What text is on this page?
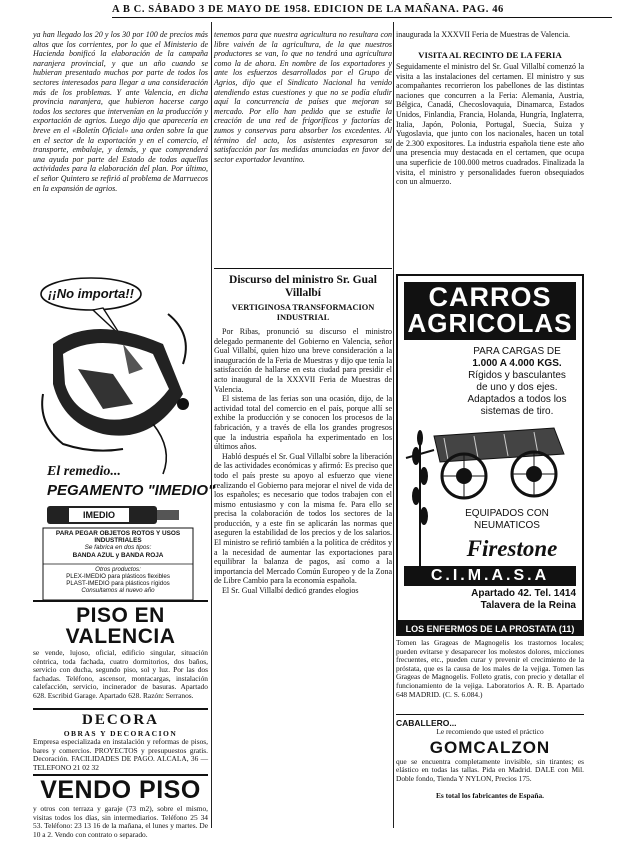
A B C. SÁBADO 3 DE MAYO DE 1958. EDICION DE LA MAÑANA. PAG. 46
ya han llegado los 20 y los 30 por 100 de precios más altos que los corrientes, por lo que el Ministerio de Hacienda bonificó la elaboración de la campaña naranjera provincial, y que un año cuando se hubieran presentado muchos por parte de todos los sectores interesados para llegar a una consideración más de los problemas. Y ante Valencia, en dicha provincia naranjera, que hubieron hacerse cargo todos los sectores que intervenían en la producción y exportación de agrios. Luego dijo que aparecería en breve en el «Boletín Oficial» una orden sobre la que en el sector de la exportación y en el comercio, el transporte, embalaje, y demás, y que comprenderá una ayuda por parte del Estado de todas aquellas actividades para la elaboración del plan. Por último, el señor Quintero se refirió al problema de Marruecos en la expansión de agrios.
¡¡No importa!!
El remedio...
PEGAMENTO "IMEDIO"
IMEDIO
PARA PEGAR OBJETOS ROTOS Y USOS INDUSTRIALES
Se fabrica en dos tipos:
BANDA AZUL y BANDA ROJA
Otros productos:
PLEX-IMEDIO para plásticos flexibles
PLAST-IMEDIO para plásticos rígidos
Consultamos al nuevo año
PISO EN VALENCIA
se vende, lujoso, oficial, edificio singular, situación céntrica, toda fachada, cuatro dormitorios, dos baños, servicio con ducha, segundo piso, sol y luz. Por las dos fachadas. Teléfono, ascensor, montacargas, instalación calefacción, servicio, incinerador de basuras. Apartado 628. Escribid Garage. Apartado 628. Razón: Serranos.
DECORA
OBRAS Y DECORACION
Empresa especializada en instalación y reformas de pisos, bares y comercios. PROYECTOS y presupuestos gratis. Decoración. FACILIDADES DE PAGO. ALCALA, 36 — TELEFONO 21 02 32
VENDO PISO
y otros con terraza y garaje (73 m2), sobre el mismo, visitas todos los días, sin intermediarios. Teléfono 25 34 53. Teléfono: 23 13 16 de la mañana, el lunes y martes. De 10 a 2. Vendo con contrato o separado.
tenemos para que nuestra agricultura no resultara con libre vaivén de la agricultura, de la que nuestros productores se van, lo que no tendrá una agricultura como la de ahora. En nombre de los exportadores y ante los esfuerzos desarrollados por el Grupo de Agrios, dijo que el Sindicato Nacional ha venido atendiendo estas cuestiones y que no se podía eludir aquí la concurrencia de países que mejoran su mercado. Por ello han pedido que se estudie la creación de una red de frigoríficos y factorías de zumos y conservas para absorber los excedentes. Al término del acto, los asistentes expresaron su satisfacción por las medidas anunciadas en favor del sector exportador levantino.
Discurso del ministro Sr. Gual Villalbí
VERTIGINOSA TRANSFORMACION INDUSTRIAL

Por Ribas, pronunció su discurso el ministro delegado permanente del Gobierno en Valencia, señor Gual Villalbí, quien hizo una breve consideración a la inauguración de la Feria de Muestras y dijo que tenía la satisfacción de hallarse en esta ciudad para presidir el acto inaugural de la XXXVII Feria de Muestras de Valencia.

El sistema de las ferias son una ocasión, dijo, de la actividad total del comercio en el país, porque allí se exhibe la producción y se conocen los procesos de la fabricación, y a través de ella los grandes progresos que la industria española ha experimentado en los últimos años.

Habló después el Sr. Gual Villalbí sobre la liberación de las actividades económicas y afirmó: Es preciso que todo el país preste su apoyo al esfuerzo que viene realizando el Gobierno para mejorar el nivel de vida de los españoles; es necesario que todos trabajen con el mismo entusiasmo y con la misma fe. Para ello se precisa la colaboración de todos los sectores de la producción, y a este fin se aplicarán las normas que aseguren la estabilidad de los precios y de los salarios. El ministro se refirió también a la política de créditos y a la necesidad de aumentar las exportaciones para equilibrar la balanza de pagos, así como a la importancia del Mercado Común Europeo y de la Zona de Libre Cambio para la economía española.

El Sr. Gual Villalbí dedicó grandes elogios

inaugurada la XXXVII Feria de Muestras de Valencia.
VISITA AL RECINTO DE LA FERIA
Seguidamente el ministro del Sr. Gual Villalbí comenzó la visita a las instalaciones del certamen. El ministro y sus acompañantes recorrieron los pabellones de las distintas naciones que concurren a la Feria: Alemania, Austria, Bélgica, Canadá, Checoslovaquia, Dinamarca, Estados Unidos, Finlandia, Francia, Holanda, Hungría, Inglaterra, Italia, Japón, Polonia, Portugal, Suecia, Suiza y Yugoslavia, que junto con los nacionales, hacen un total de 2.300 expositores. La industria española tiene este año una presencia muy destacada en el certamen, que ocupa una superficie de 100.000 metros cuadrados. Finalizada la visita, el ministro y personalidades fueron obsequiados con un almuerzo.
CARROS
AGRICOLAS
PARA CARGAS DE
1.000 A 4.000 KGS.
Rígidos y basculantes
de uno y dos ejes.
Adaptados a todos los
sistemas de tiro.
EQUIPADOS CON
NEUMATICOS
Firestone
C.I.M.A.S.A
Apartado 42. Tel. 1414
Talavera de la Reina
LOS ENFERMOS DE LA PROSTATA (11)
Tomen las Grageas de Magnogelis los trastornos locales; pueden evitarse y desaparecer los molestos dolores, micciones frecuentes, etc., pueden curar y prevenir el crecimiento de la próstata, que es la causa de los males de la vejiga. Tomen las Grageas de Magnogelis. Folleto gratis, con precio y detallar el funcionamiento de la vejiga. Laboratorios A. R. B. Apartado 648 MADRID. (C. S. 6.084.)
CABALLERO...
Le recomiendo que usted el práctico
GOMCALZON
que se encuentra completamente invisible, sin tirantes; es elástico en todas las tallas. Pida en Madrid. DALE con Mil. Doble fondo, Tienda Y NYLON, Precios 175.
Es total los fabricantes de España.
